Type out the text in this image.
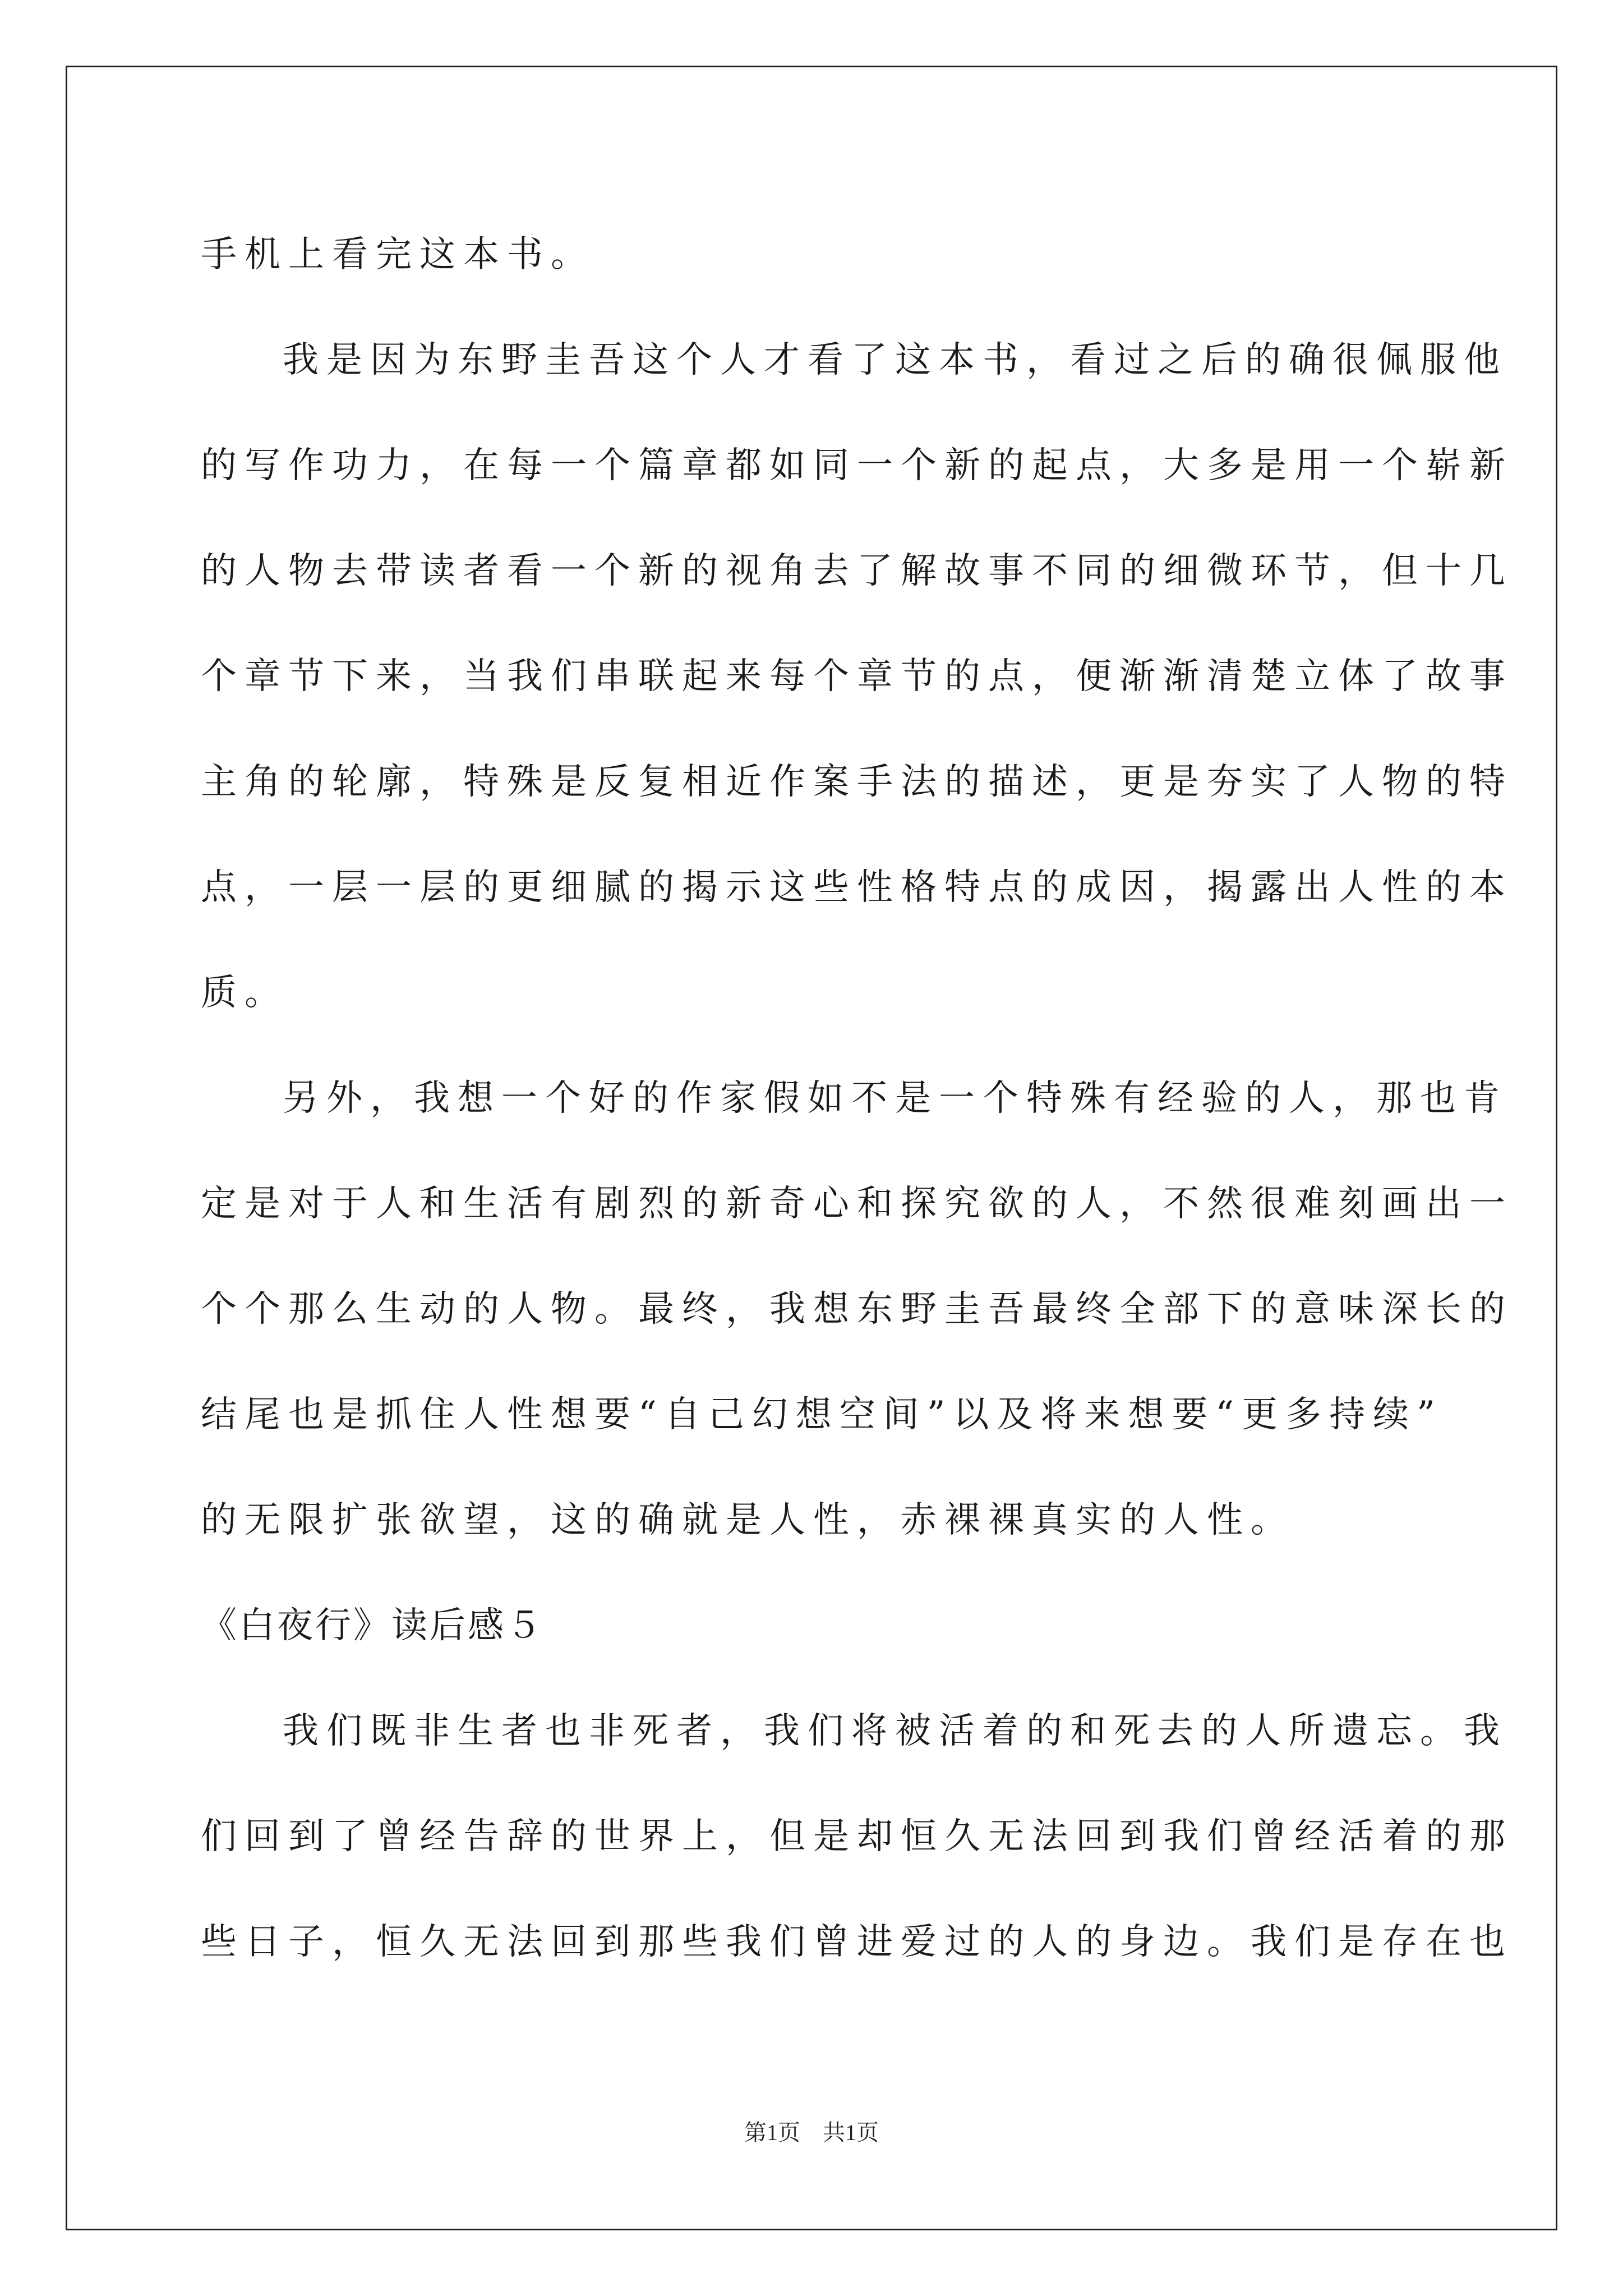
手机上看完这本书。
我是因为东野圭吾这个人才看了这本书，看过之后的确很佩服他
的写作功力，在每一个篇章都如同一个新的起点，大多是用一个崭新
的人物去带读者看一个新的视角去了解故事不同的细微环节，但十几
个章节下来，当我们串联起来每个章节的点，便渐渐清楚立体了故事
主角的轮廓，特殊是反复相近作案手法的描述，更是夯实了人物的特
点，一层一层的更细腻的揭示这些性格特点的成因，揭露出人性的本
质。
另外，我想一个好的作家假如不是一个特殊有经验的人，那也肯
定是对于人和生活有剧烈的新奇心和探究欲的人，不然很难刻画出一
个个那么生动的人物。最终，我想东野圭吾最终全部下的意味深长的
结尾也是抓住人性想要“自己幻想空间”以及将来想要“更多持续”
的无限扩张欲望，这的确就是人性，赤裸裸真实的人性。
《白夜行》读后感５
我们既非生者也非死者，我们将被活着的和死去的人所遗忘。我
们回到了曾经告辞的世界上，但是却恒久无法回到我们曾经活着的那
些日子，恒久无法回到那些我们曾进爱过的人的身边。我们是存在也
第1页　共1页
